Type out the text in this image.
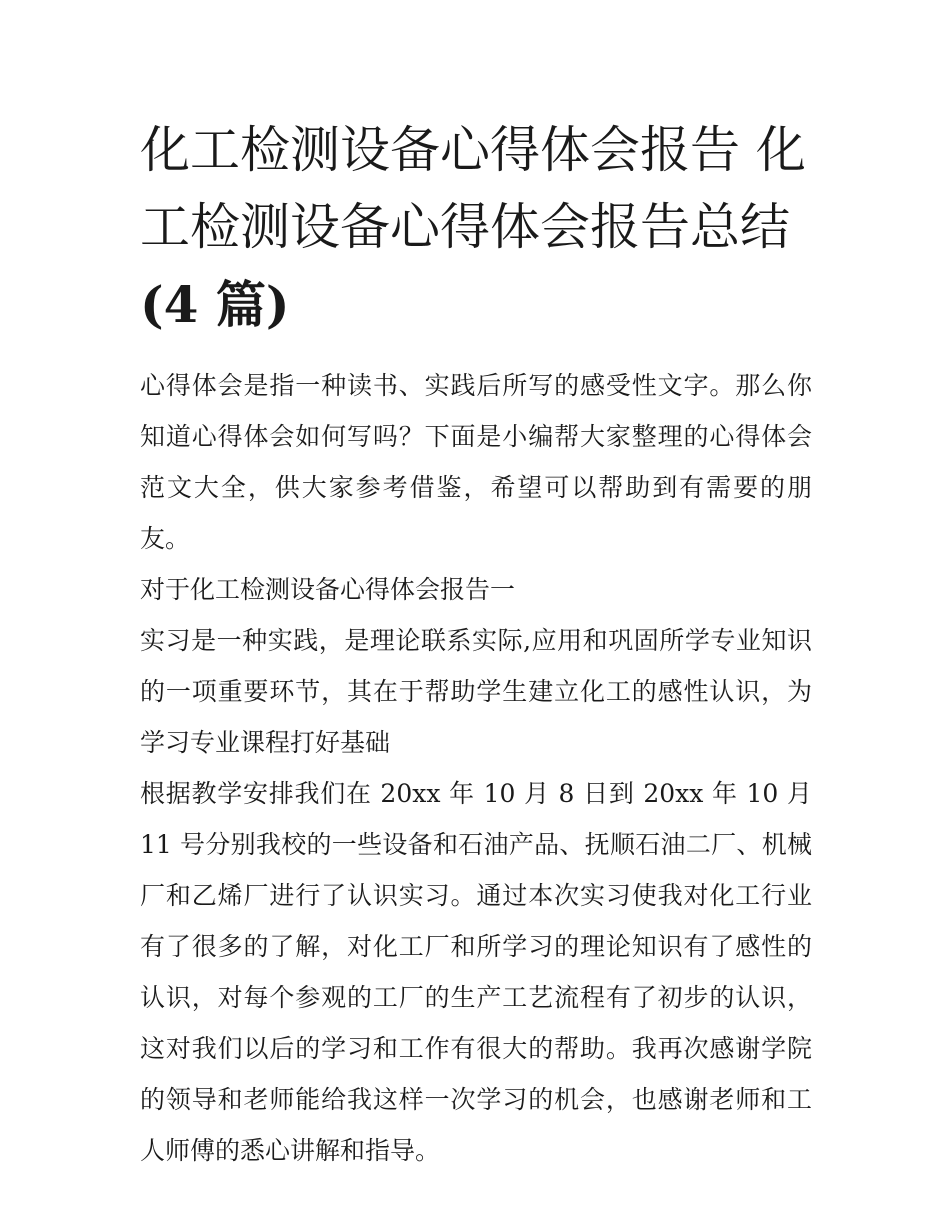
化工检测设备心得体会报告 化工检测设备心得体会报告总结
(4 篇)

心得体会是指一种读书、实践后所写的感受性文字。那么你知道心得体会如何写吗？下面是小编帮大家整理的心得体会范文大全，供大家参考借鉴，希望可以帮助到有需要的朋友。

对于化工检测设备心得体会报告一

实习是一种实践，是理论联系实际,应用和巩固所学专业知识的一项重要环节，其在于帮助学生建立化工的感性认识，为学习专业课程打好基础

根据教学安排我们在 20xx 年 10 月 8 日到 20xx 年 10 月 11 号分别我校的一些设备和石油产品、抚顺石油二厂、机械厂和乙烯厂进行了认识实习。通过本次实习使我对化工行业有了很多的了解，对化工厂和所学习的理论知识有了感性的认识，对每个参观的工厂的生产工艺流程有了初步的认识，这对我们以后的学习和工作有很大的帮助。我再次感谢学院的领导和老师能给我这样一次学习的机会，也感谢老师和工人师傅的悉心讲解和指导。
